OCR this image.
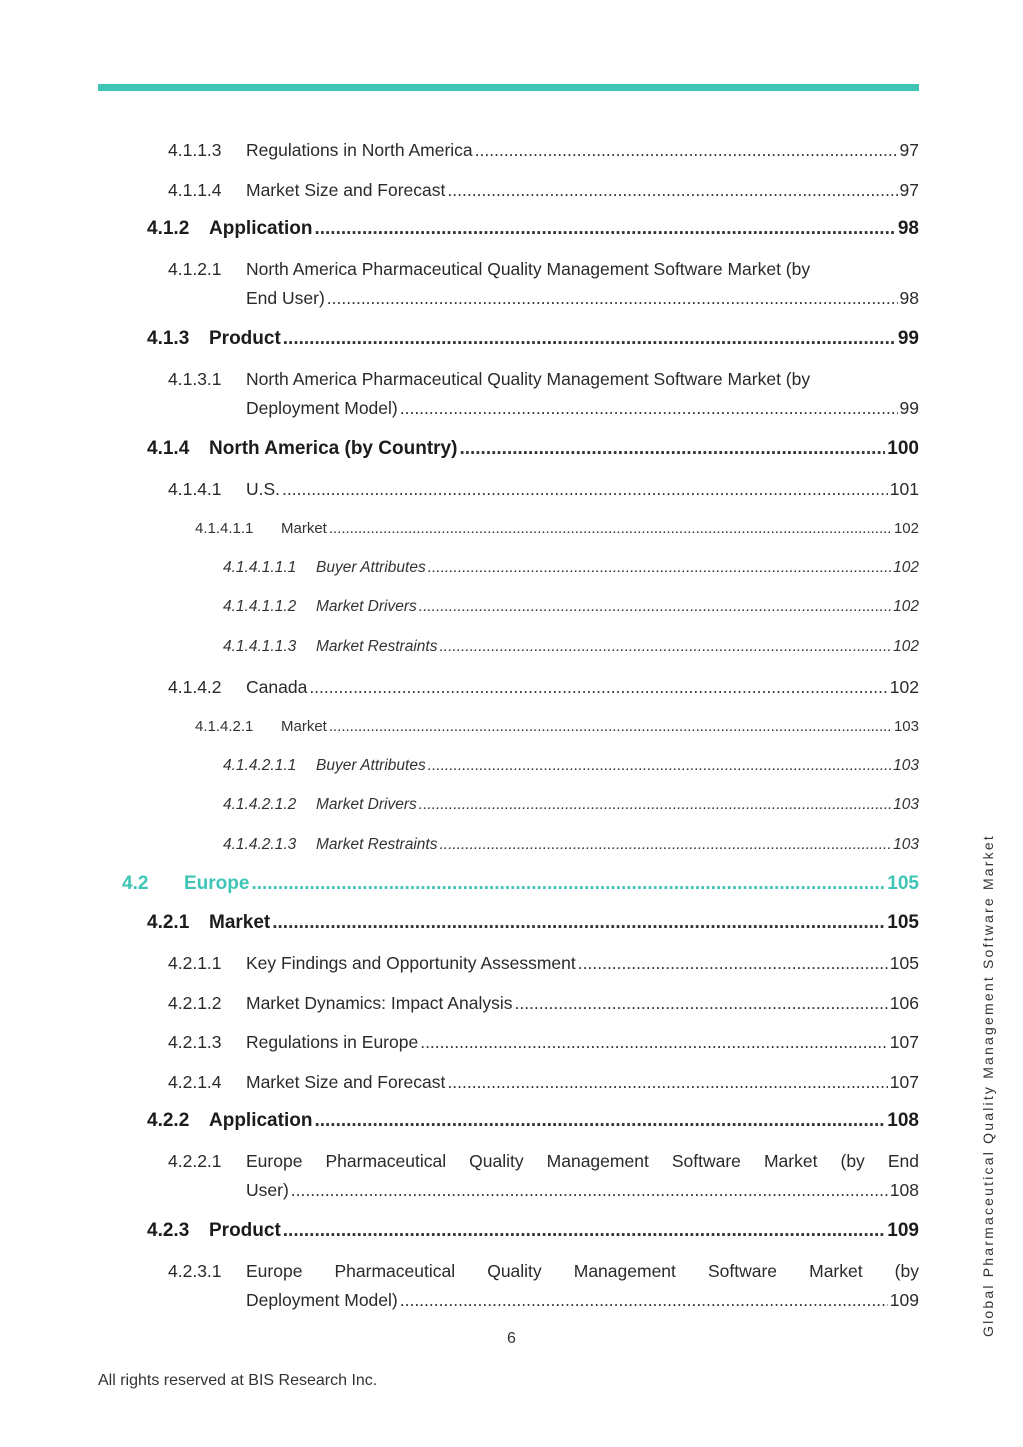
4.1.1.3	Regulations in North America .....	97
4.1.1.4	Market Size and Forecast .....	97
4.1.2	Application .....	98
4.1.2.1	North America Pharmaceutical Quality Management Software Market (by
End User) .....	98
4.1.3	Product .....	99
4.1.3.1	North America Pharmaceutical Quality Management Software Market (by
Deployment Model) .....	99
4.1.4	North America (by Country) .....	100
4.1.4.1	U.S. .....	101
4.1.4.1.1	Market .....	102
4.1.4.1.1.1	Buyer Attributes .....	102
4.1.4.1.1.2	Market Drivers .....	102
4.1.4.1.1.3	Market Restraints .....	102
4.1.4.2	Canada .....	102
4.1.4.2.1	Market .....	103
4.1.4.2.1.1	Buyer Attributes .....	103
4.1.4.2.1.2	Market Drivers .....	103
4.1.4.2.1.3	Market Restraints .....	103
4.2	Europe .....	105
4.2.1	Market .....	105
4.2.1.1	Key Findings and Opportunity Assessment .....	105
4.2.1.2	Market Dynamics: Impact Analysis .....	106
4.2.1.3	Regulations in Europe .....	107
4.2.1.4	Market Size and Forecast .....	107
4.2.2	Application .....	108
4.2.2.1	Europe Pharmaceutical Quality Management Software Market (by End
User) .....	108
4.2.3	Product .....	109
4.2.3.1	Europe Pharmaceutical Quality Management Software Market (by
Deployment Model) .....	109
6
All rights reserved at BIS Research Inc.
Global Pharmaceutical Quality Management Software Market
